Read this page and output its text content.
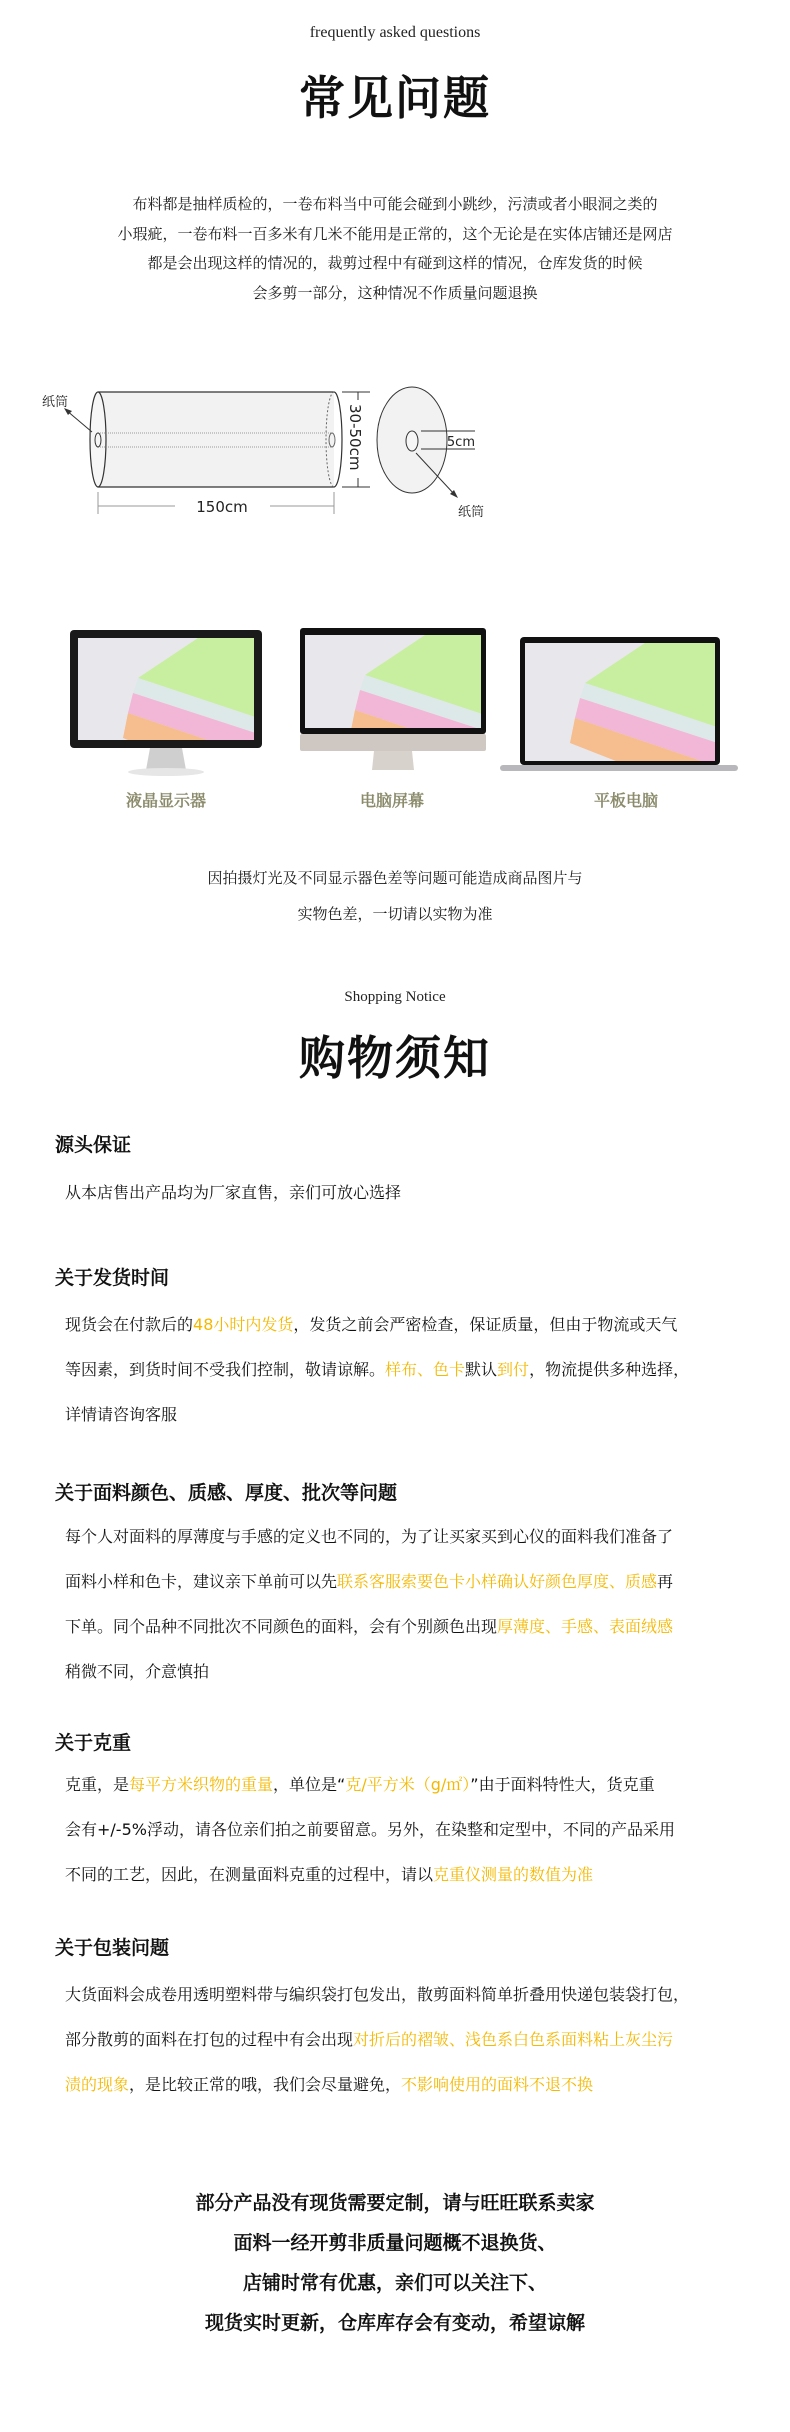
frequently asked questions
常见问题
布料都是抽样质检的，一卷布料当中可能会碰到小跳纱，污渍或者小眼洞之类的
小瑕疵，一卷布料一百多米有几米不能用是正常的，这个无论是在实体店铺还是网店
都是会出现这样的情况的，裁剪过程中有碰到这样的情况，仓库发货的时候
会多剪一部分，这种情况不作质量问题退换
纸筒
150cm
30-50cm	5cm
纸筒
液晶显示器	电脑屏幕	平板电脑
因拍摄灯光及不同显示器色差等问题可能造成商品图片与
实物色差，一切请以实物为准
Shopping Notice
购物须知
源头保证
从本店售出产品均为厂家直售，亲们可放心选择
关于发货时间
现货会在付款后的48小时内发货，发货之前会严密检查，保证质量，但由于物流或天气
等因素，到货时间不受我们控制，敬请谅解。样布、色卡默认到付，物流提供多种选择，
详情请咨询客服
关于面料颜色、质感、厚度、批次等问题
每个人对面料的厚薄度与手感的定义也不同的，为了让买家买到心仪的面料我们准备了
面料小样和色卡，建议亲下单前可以先联系客服索要色卡小样确认好颜色厚度、质感再
下单。同个品种不同批次不同颜色的面料，会有个别颜色出现厚薄度、手感、表面绒感
稍微不同，介意慎拍
关于克重
克重，是每平方米织物的重量，单位是“克/平方米（g/㎡）”由于面料特性大，货克重
会有+/-5%浮动，请各位亲们拍之前要留意。另外，在染整和定型中，不同的产品采用
不同的工艺，因此，在测量面料克重的过程中，请以克重仪测量的数值为准
关于包装问题
大货面料会成卷用透明塑料带与编织袋打包发出，散剪面料简单折叠用快递包装袋打包，
部分散剪的面料在打包的过程中有会出现对折后的褶皱、浅色系白色系面料粘上灰尘污
渍的现象，是比较正常的哦，我们会尽量避免，不影响使用的面料不退不换
部分产品没有现货需要定制，请与旺旺联系卖家
面料一经开剪非质量问题概不退换货、
店铺时常有优惠，亲们可以关注下、
现货实时更新，仓库库存会有变动，希望谅解
